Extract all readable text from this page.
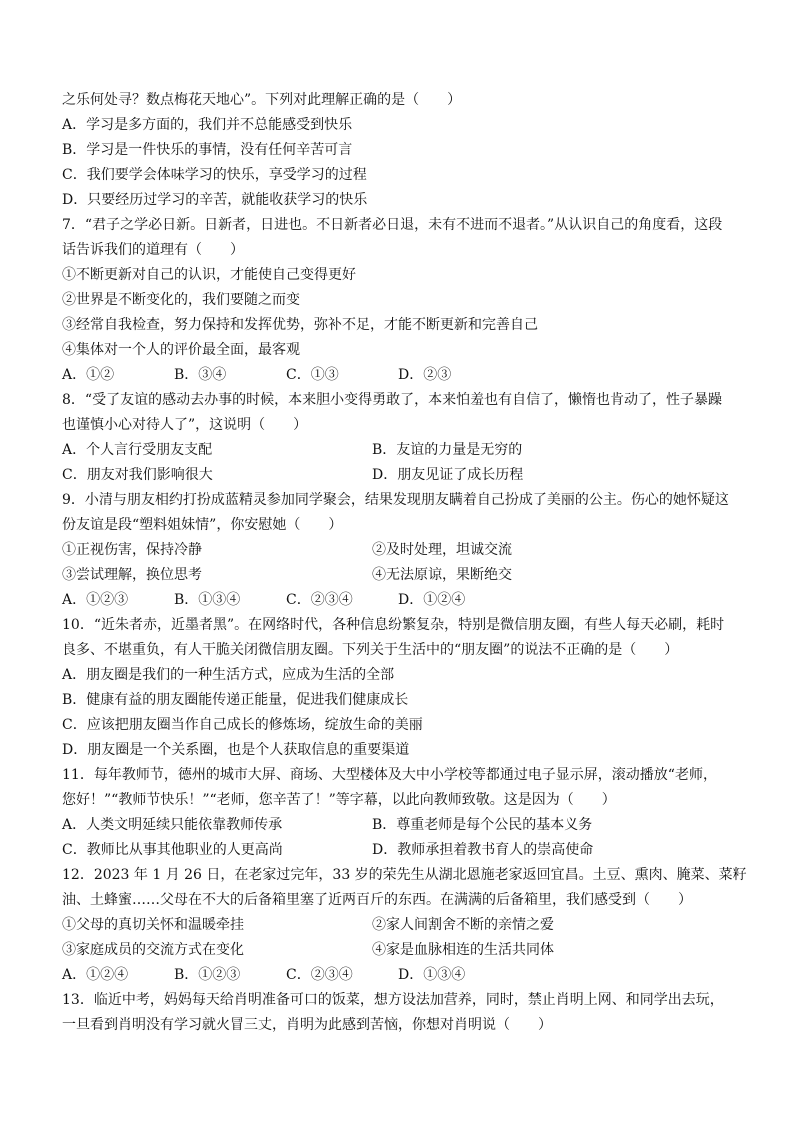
之乐何处寻？数点梅花天地心”。下列对此理解正确的是（　　）
A．学习是多方面的，我们并不总能感受到快乐
B．学习是一件快乐的事情，没有任何辛苦可言
C．我们要学会体味学习的快乐，享受学习的过程
D．只要经历过学习的辛苦，就能收获学习的快乐
7．“君子之学必日新。日新者，日进也。不日新者必日退，未有不进而不退者。”从认识自己的角度看，这段
话告诉我们的道理有（　　）
①不断更新对自己的认识，才能使自己变得更好
②世界是不断变化的，我们要随之而变
③经常自我检查，努力保持和发挥优势，弥补不足，才能不断更新和完善自己
④集体对一个人的评价最全面，最客观
A．①②	B．③④	C．①③	D．②③
8．“受了友谊的感动去办事的时候，本来胆小变得勇敢了，本来怕羞也有自信了，懒惰也肯动了，性子暴躁
也谨慎小心对待人了”，这说明（　　）
A．个人言行受朋友支配	B．友谊的力量是无穷的
C．朋友对我们影响很大	D．朋友见证了成长历程
9．小清与朋友相约打扮成蓝精灵参加同学聚会，结果发现朋友瞒着自己扮成了美丽的公主。伤心的她怀疑这
份友谊是段“塑料姐妹情”，你安慰她（　　）
①正视伤害，保持冷静	②及时处理，坦诚交流
③尝试理解，换位思考	④无法原谅，果断绝交
A．①②③	B．①③④	C．②③④	D．①②④
10．“近朱者赤，近墨者黑”。在网络时代，各种信息纷繁复杂，特别是微信朋友圈，有些人每天必刷，耗时
良多、不堪重负，有人干脆关闭微信朋友圈。下列关于生活中的“朋友圈”的说法不正确的是（　　）
A．朋友圈是我们的一种生活方式，应成为生活的全部
B．健康有益的朋友圈能传递正能量，促进我们健康成长
C．应该把朋友圈当作自己成长的修炼场，绽放生命的美丽
D．朋友圈是一个关系圈，也是个人获取信息的重要渠道
11．每年教师节，德州的城市大屏、商场、大型楼体及大中小学校等都通过电子显示屏，滚动播放“老师，
您好！”“教师节快乐！”“老师，您辛苦了！”等字幕，以此向教师致敬。这是因为（　　）
A．人类文明延续只能依靠教师传承	B．尊重老师是每个公民的基本义务
C．教师比从事其他职业的人更高尚	D．教师承担着教书育人的崇高使命
12．2023 年 1 月 26 日，在老家过完年，33 岁的荣先生从湖北恩施老家返回宜昌。土豆、熏肉、腌菜、菜籽
油、土蜂蜜……父母在不大的后备箱里塞了近两百斤的东西。在满满的后备箱里，我们感受到（　　）
①父母的真切关怀和温暖牵挂	②家人间割舍不断的亲情之爱
③家庭成员的交流方式在变化	④家是血脉相连的生活共同体
A．①②④	B．①②③	C．②③④	D．①③④
13．临近中考，妈妈每天给肖明准备可口的饭菜，想方设法加营养，同时，禁止肖明上网、和同学出去玩，
一旦看到肖明没有学习就火冒三丈，肖明为此感到苦恼，你想对肖明说（　　）
